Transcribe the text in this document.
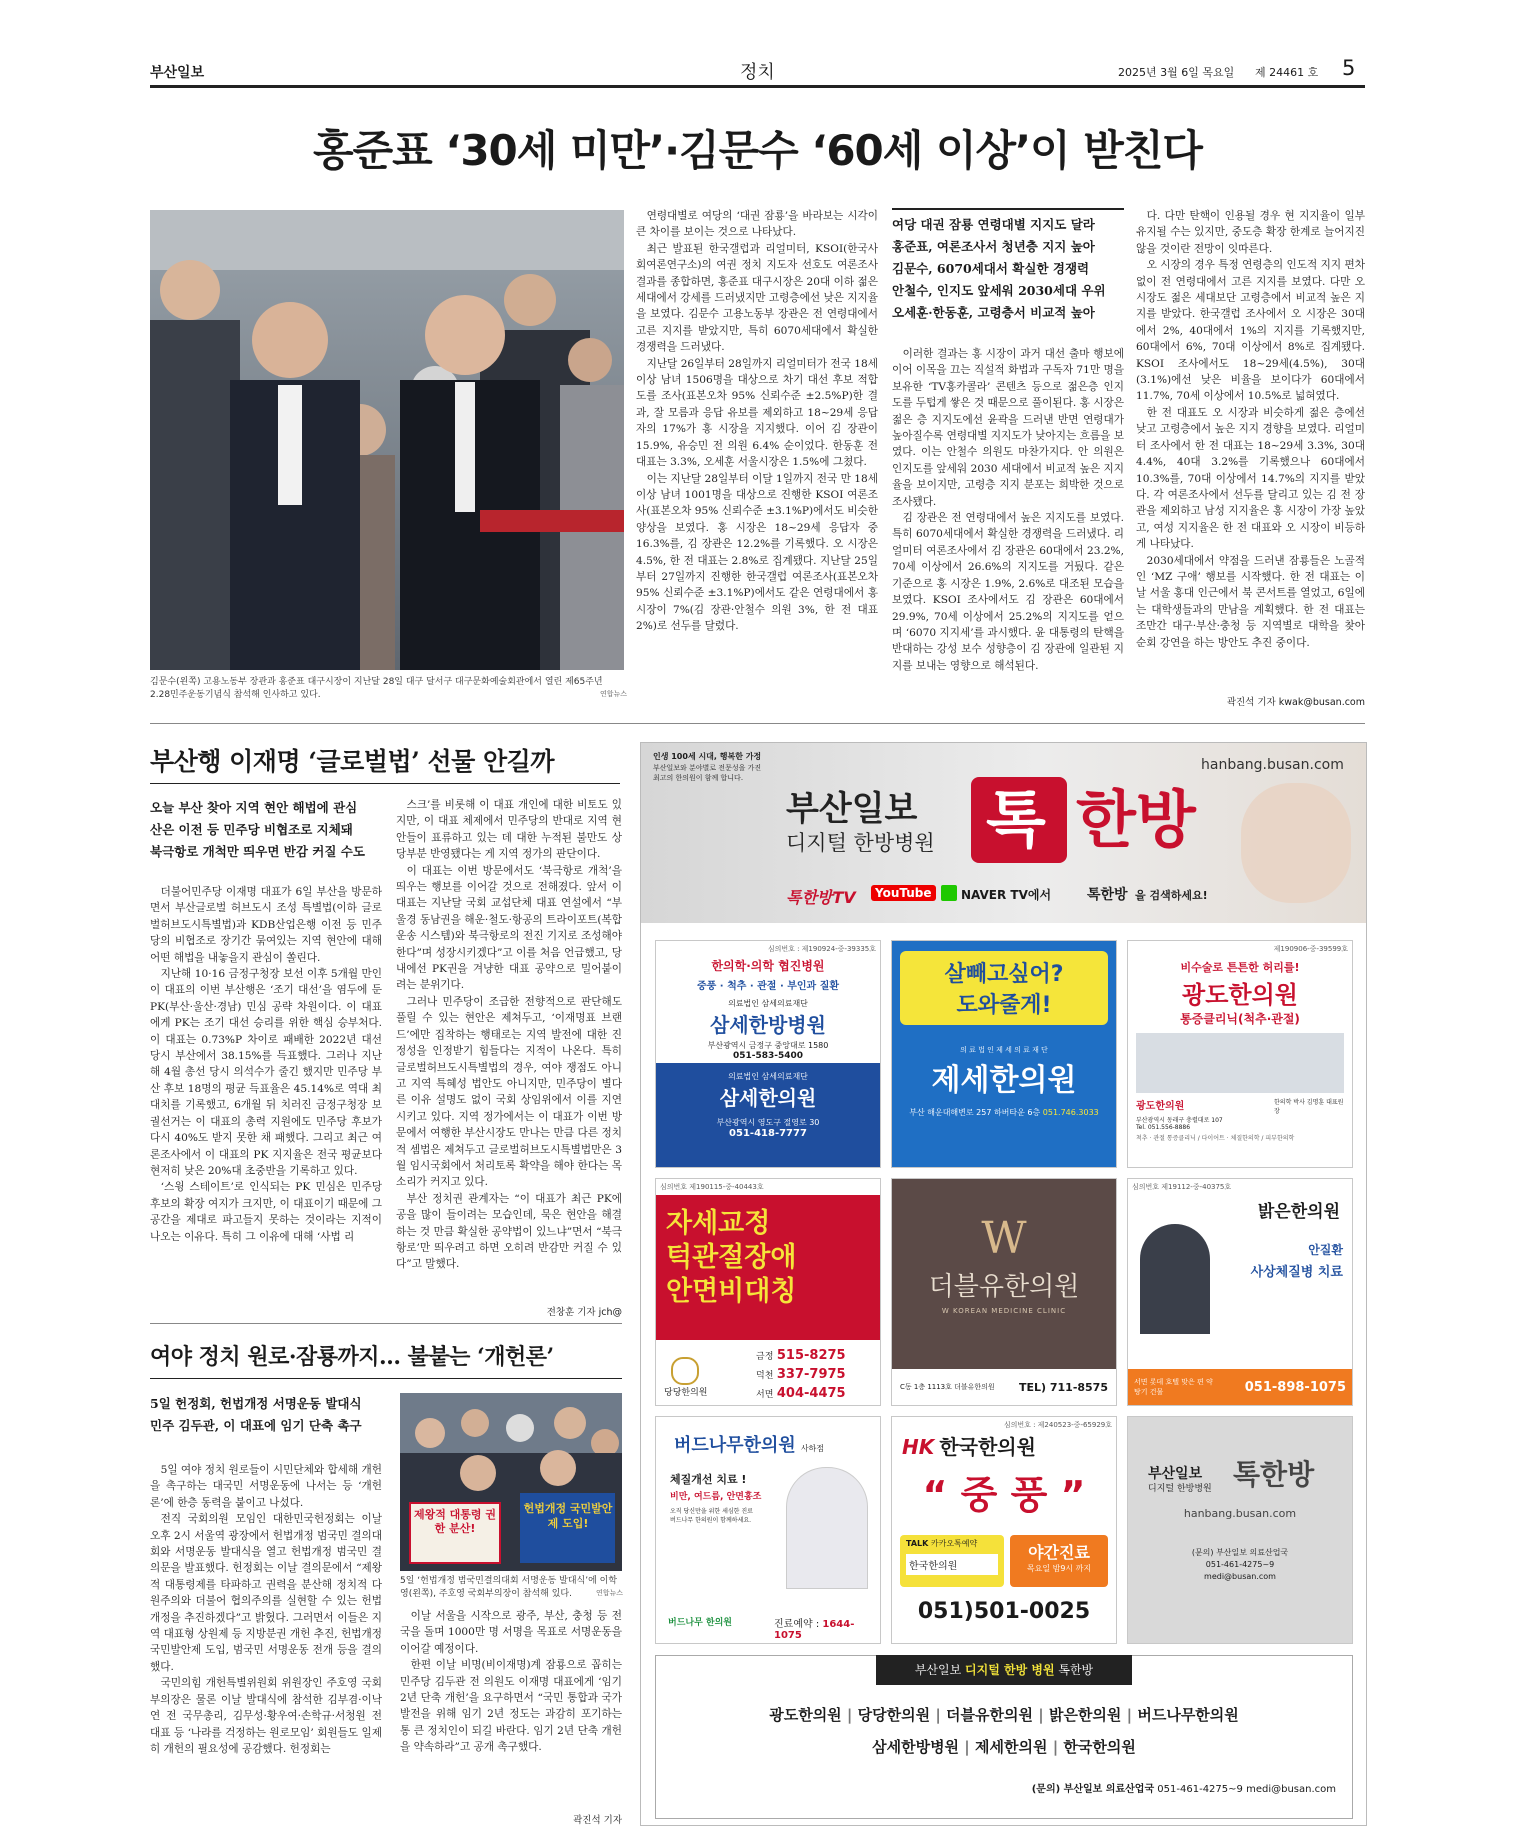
부산일보	정치	2025년 3월 6일 목요일 제 24461 호 5
홍준표 ‘30세 미만’·김문수 ‘60세 이상’이 받친다
김문수(왼쪽) 고용노동부 장관과 홍준표 대구시장이 지난달 28일 대구 달서구 대구문화예술회관에서 열린 제65주년 2.28민주운동기념식 참석해 인사하고 있다.	연합뉴스

연령대별로 여당의 ‘대권 잠룡’을 바라보는 시각이 큰 차이를 보이는 것으로 나타났다.

최근 발표된 한국갤럽과 리얼미터, KSOI(한국사회여론연구소)의 여권 정치 지도자 선호도 여론조사 결과를 종합하면, 홍준표 대구시장은 20대 이하 젊은 세대에서 강세를 드러냈지만 고령층에선 낮은 지지율을 보였다. 김문수 고용노동부 장관은 전 연령대에서 고른 지지를 받았지만, 특히 6070세대에서 확실한 경쟁력을 드러냈다.

지난달 26일부터 28일까지 리얼미터가 전국 18세 이상 남녀 1506명을 대상으로 차기 대선 후보 적합도를 조사(표본오차 95% 신뢰수준 ±2.5%P)한 결과, 잘 모름과 응답 유보를 제외하고 18~29세 응답자의 17%가 홍 시장을 지지했다. 이어 김 장관이 15.9%, 유승민 전 의원 6.4% 순이었다. 한동훈 전 대표는 3.3%, 오세훈 서울시장은 1.5%에 그쳤다.

이는 지난달 28일부터 이달 1일까지 전국 만 18세 이상 남녀 1001명을 대상으로 진행한 KSOI 여론조사(표본오차 95% 신뢰수준 ±3.1%P)에서도 비슷한 양상을 보였다. 홍 시장은 18~29세 응답자 중 16.3%를, 김 장관은 12.2%를 기록했다. 오 시장은 4.5%, 한 전 대표는 2.8%로 집계됐다. 지난달 25일부터 27일까지 진행한 한국갤럽 여론조사(표본오차 95% 신뢰수준 ±3.1%P)에서도 같은 연령대에서 홍 시장이 7%(김 장관·안철수 의원 3%, 한 전 대표 2%)로 선두를 달렸다.

여당 대권 잠룡 연령대별 지지도 달라
홍준표, 여론조사서 청년층 지지 높아
김문수, 6070세대서 확실한 경쟁력
안철수, 인지도 앞세워 2030세대 우위
오세훈·한동훈, 고령층서 비교적 높아

이러한 결과는 홍 시장이 과거 대선 출마 행보에 이어 이목을 끄는 직설적 화법과 구독자 71만 명을 보유한 ‘TV홍카콜라’ 콘텐츠 등으로 젊은층 인지도를 두텁게 쌓은 것 때문으로 풀이된다. 홍 시장은 젊은 층 지지도에선 윤곽을 드러낸 반면 연령대가 높아질수록 연령대별 지지도가 낮아지는 흐름을 보였다. 이는 안철수 의원도 마찬가지다. 안 의원은 인지도를 앞세워 2030 세대에서 비교적 높은 지지율을 보이지만, 고령층 지지 분포는 희박한 것으로 조사됐다.

김 장관은 전 연령대에서 높은 지지도를 보였다. 특히 6070세대에서 확실한 경쟁력을 드러냈다. 리얼미터 여론조사에서 김 장관은 60대에서 23.2%, 70세 이상에서 26.6%의 지지도를 거뒀다. 같은 기준으로 홍 시장은 1.9%, 2.6%로 대조된 모습을 보였다. KSOI 조사에서도 김 장관은 60대에서 29.9%, 70세 이상에서 25.2%의 지지도를 얻으며 ‘6070 지지세’를 과시했다. 윤 대통령의 탄핵을 반대하는 강성 보수 성향층이 김 장관에 일관된 지지를 보내는 영향으로 해석된다.

다. 다만 탄핵이 인용될 경우 현 지지율이 일부 유지될 수는 있지만, 중도층 확장 한계로 늘어지진 않을 것이란 전망이 잇따른다.

오 시장의 경우 특정 연령층의 인도적 지지 편차 없이 전 연령대에서 고른 지지를 보였다. 다만 오 시장도 젊은 세대보단 고령층에서 비교적 높은 지지를 받았다. 한국갤럽 조사에서 오 시장은 30대에서 2%, 40대에서 1%의 지지를 기록했지만, 60대에서 6%, 70대 이상에서 8%로 집계됐다. KSOI 조사에서도 18~29세(4.5%), 30대(3.1%)에선 낮은 비율을 보이다가 60대에서 11.7%, 70세 이상에서 10.5%로 넓혀였다.

한 전 대표도 오 시장과 비슷하게 젊은 층에선 낮고 고령층에서 높은 지지 경향을 보였다. 리얼미터 조사에서 한 전 대표는 18~29세 3.3%, 30대 4.4%, 40대 3.2%를 기록했으나 60대에서 10.3%를, 70대 이상에서 14.7%의 지지를 받았다. 각 여론조사에서 선두를 달리고 있는 김 전 장관을 제외하고 남성 지지율은 홍 시장이 가장 높았고, 여성 지지율은 한 전 대표와 오 시장이 비등하게 나타났다.

2030세대에서 약점을 드러낸 잠룡들은 노골적인 ‘MZ 구애’ 행보를 시작했다. 한 전 대표는 이날 서울 홍대 인근에서 북 콘서트를 열었고, 6일에는 대학생들과의 만남을 계획했다. 한 전 대표는 조만간 대구·부산·충청 등 지역별로 대학을 찾아 순회 강연을 하는 방안도 추진 중이다.

곽진석 기자 kwak@busan.com
부산행 이재명 ‘글로벌법’ 선물 안길까
오늘 부산 찾아 지역 현안 해법에 관심
산은 이전 등 민주당 비협조로 지체돼
북극항로 개척만 띄우면 반감 커질 수도

더불어민주당 이재명 대표가 6일 부산을 방문하면서 부산글로벌 허브도시 조성 특별법(이하 글로벌허브도시특별법)과 KDB산업은행 이전 등 민주당의 비협조로 장기간 묶여있는 지역 현안에 대해 어떤 해법을 내놓을지 관심이 쏠린다.

지난해 10·16 금정구청장 보선 이후 5개월 만인 이 대표의 이번 부산행은 ‘조기 대선’을 염두에 둔 PK(부산·울산·경남) 민심 공략 차원이다. 이 대표에게 PK는 조기 대선 승리를 위한 핵심 승부처다. 이 대표는 0.73%P 차이로 패배한 2022년 대선 당시 부산에서 38.15%를 득표했다. 그러나 지난해 4월 총선 당시 의석수가 줄긴 했지만 민주당 부산 후보 18명의 평균 득표율은 45.14%로 역대 최대치를 기록했고, 6개월 뒤 치러진 금정구청장 보궐선거는 이 대표의 총력 지원에도 민주당 후보가 다시 40%도 받지 못한 채 패했다. 그리고 최근 여론조사에서 이 대표의 PK 지지율은 전국 평균보다 현저히 낮은 20%대 초중반을 기록하고 있다.

‘스윙 스테이트’로 인식되는 PK 민심은 민주당 후보의 확장 여지가 크지만, 이 대표이기 때문에 그 공간을 제대로 파고들지 못하는 것이라는 지적이 나오는 이유다. 특히 그 이유에 대해 ‘사법 리

스크’를 비롯해 이 대표 개인에 대한 비토도 있지만, 이 대표 체제에서 민주당의 반대로 지역 현안들이 표류하고 있는 데 대한 누적된 불만도 상당부분 반영됐다는 게 지역 정가의 판단이다.

이 대표는 이번 방문에서도 ‘북극항로 개척’을 띄우는 행보를 이어갈 것으로 전해졌다. 앞서 이 대표는 지난달 국회 교섭단체 대표 연설에서 “부울경 동남권을 해운·철도·항공의 트라이포트(복합 운송 시스템)와 북극항로의 전진 기지로 조성해야 한다”며 성장시키겠다”고 이를 처음 언급했고, 당내에선 PK권을 겨냥한 대표 공약으로 밀어붙이려는 분위기다.

그러나 민주당이 조급한 전향적으로 판단해도 풀릴 수 있는 현안은 제쳐두고, ‘이재명표 브랜드’에만 집착하는 행태로는 지역 발전에 대한 진정성을 인정받기 힘들다는 지적이 나온다. 특히 글로벌허브도시특별법의 경우, 여야 쟁점도 아니고 지역 특혜성 법안도 아니지만, 민주당이 별다른 이유 설명도 없이 국회 상임위에서 이를 지연시키고 있다. 지역 정가에서는 이 대표가 이번 방문에서 여행한 부산시장도 만나는 만큼 다른 정치적 셈법은 제쳐두고 글로벌허브도시특별법만은 3월 임시국회에서 처리토록 확약을 해야 한다는 목소리가 커지고 있다.

부산 정치권 관계자는 “이 대표가 최근 PK에 공을 많이 들이려는 모습인데, 묵은 현안을 해결하는 것 만큼 확실한 공약법이 있느냐”면서 “북극항로’만 띄우려고 하면 오히려 반감만 커질 수 있다”고 말했다.

전창훈 기자 jch@
여야 정치 원로·잠룡까지… 불붙는 ‘개헌론’
5일 헌정회, 헌법개정 서명운동 발대식
민주 김두관, 이 대표에 임기 단축 촉구

5일 여야 정치 원로들이 시민단체와 합세해 개헌을 촉구하는 대국민 서명운동에 나서는 등 ‘개헌론’에 한층 동력을 붙이고 나섰다.

전직 국회의원 모임인 대한민국헌정회는 이날 오후 2시 서울역 광장에서 헌법개정 범국민 결의대회와 서명운동 발대식을 열고 헌법개정 범국민 결의문을 발표했다. 헌정회는 이날 결의문에서 “제왕적 대통령제를 타파하고 권력을 분산해 정치적 다원주의와 더불어 협의주의를 실현할 수 있는 헌법개정을 추진하겠다”고 밝혔다. 그러면서 이들은 지역 대표형 상원제 등 지방분권 개헌 추진, 헌법개정 국민발안제 도입, 범국민 서명운동 전개 등을 결의했다.

국민의힘 개헌특별위원회 위원장인 주호영 국회부의장은 물론 이날 발대식에 참석한 김부겸·이낙연 전 국무총리, 김무성·황우여·손학규·서청원 전 대표 등 ‘나라를 걱정하는 원로모임’ 회원들도 일제히 개헌의 필요성에 공감했다. 헌정회는

제왕적 대통령 권한 분산!
헌법개정 국민발안제 도입!
5일 ‘헌법개정 범국민결의대회 서명운동 발대식’에 이학영(왼쪽), 주호영 국회부의장이 참석해 있다.	연합뉴스

이날 서울을 시작으로 광주, 부산, 충청 등 전국을 돌며 1000만 명 서명을 목표로 서명운동을 이어갈 예정이다.

한편 이날 비명(비이재명)계 잠룡으로 꼽히는 민주당 김두관 전 의원도 이재명 대표에게 ‘임기 2년 단축 개헌’을 요구하면서 “국민 통합과 국가 발전을 위해 임기 2년 정도는 과감히 포기하는 통 큰 정치인이 되길 바란다. 임기 2년 단축 개헌을 약속하라”고 공개 촉구했다.

곽진석 기자
인생 100세 시대, 행복한 가정
부산일보와 분야별로 전문성을 가진
최고의 한의원이 함께 합니다.
hanbang.busan.com
부산일보
디지털 한방병원 톡 한방
톡한방TV	YouTube	NAVER TV에서	톡한방 을 검색하세요!
심의번호 : 제190924-중-39335호
한의학·의학 협진병원
중풍 · 척추 · 관절 · 부인과 질환
의료법인 삼세의료재단
삼세한방병원
부산광역시 금정구 중앙대로 1580
051-583-5400
의료법인 삼세의료재단
삼세한의원
부산광역시 영도구 절영로 30
051-418-7777
살빼고싶어?
도와줄게!
의 료 법 인 제 세 의 료 재 단
제세한의원
부산 해운대해변로 257 하버타운 6층 051.746.3033
제190906-중-39599호
비수술로 튼튼한 허리를!
광도한의원
통증클리닉(척추·관절)
광도한의원	한의학 박사 김명훈 대표원장
부산광역시 동래구 충렬대로 107
Tel. 051.556-8886
척추 · 관절 통증클리닉 / 다이어트 · 체질한의학 / 피부한의학
심의번호 제190115-중-40443호
자세교정
턱관절장애
안면비대칭
당당한의원
금정 515-8275
덕천 337-7975
서면 404-4475
W
더블유한의원
W KOREAN MEDICINE CLINIC
C동 1층 1113호 더블유한의원 TEL) 711-8575
심의번호 제19112-중-40375호
밝은한의원
안질환
사상체질병 치료
서면 롯데 호텔 맞은 편 약탕기 건물	051-898-1075
버드나무한의원 사하점
체질개선 치료 !
비만, 여드름, 안면홍조
오직 당신만을 위한 세심한 진료
버드나무 한의원이 함께하세요.
버드나무 한의원	진료예약 : 1644-1075
심의번호 : 제240523-중-65929호
HK 한국한의원
“ 중 풍 ”
TALK 카카오톡예약
한국한의원
야간진료
목요일 밤9시 까지
051)501-0025
부산일보
디지털 한방병원 톡한방
hanbang.busan.com
(문의) 부산일보 의료산업국
051-461-4275~9
medi@busan.com
부산일보 디지털 한방 병원 톡한방
광도한의원 | 당당한의원 | 더블유한의원 | 밝은한의원 | 버드나무한의원
삼세한방병원 | 제세한의원 | 한국한의원
(문의) 부산일보 의료산업국 051-461-4275~9 medi@busan.com
